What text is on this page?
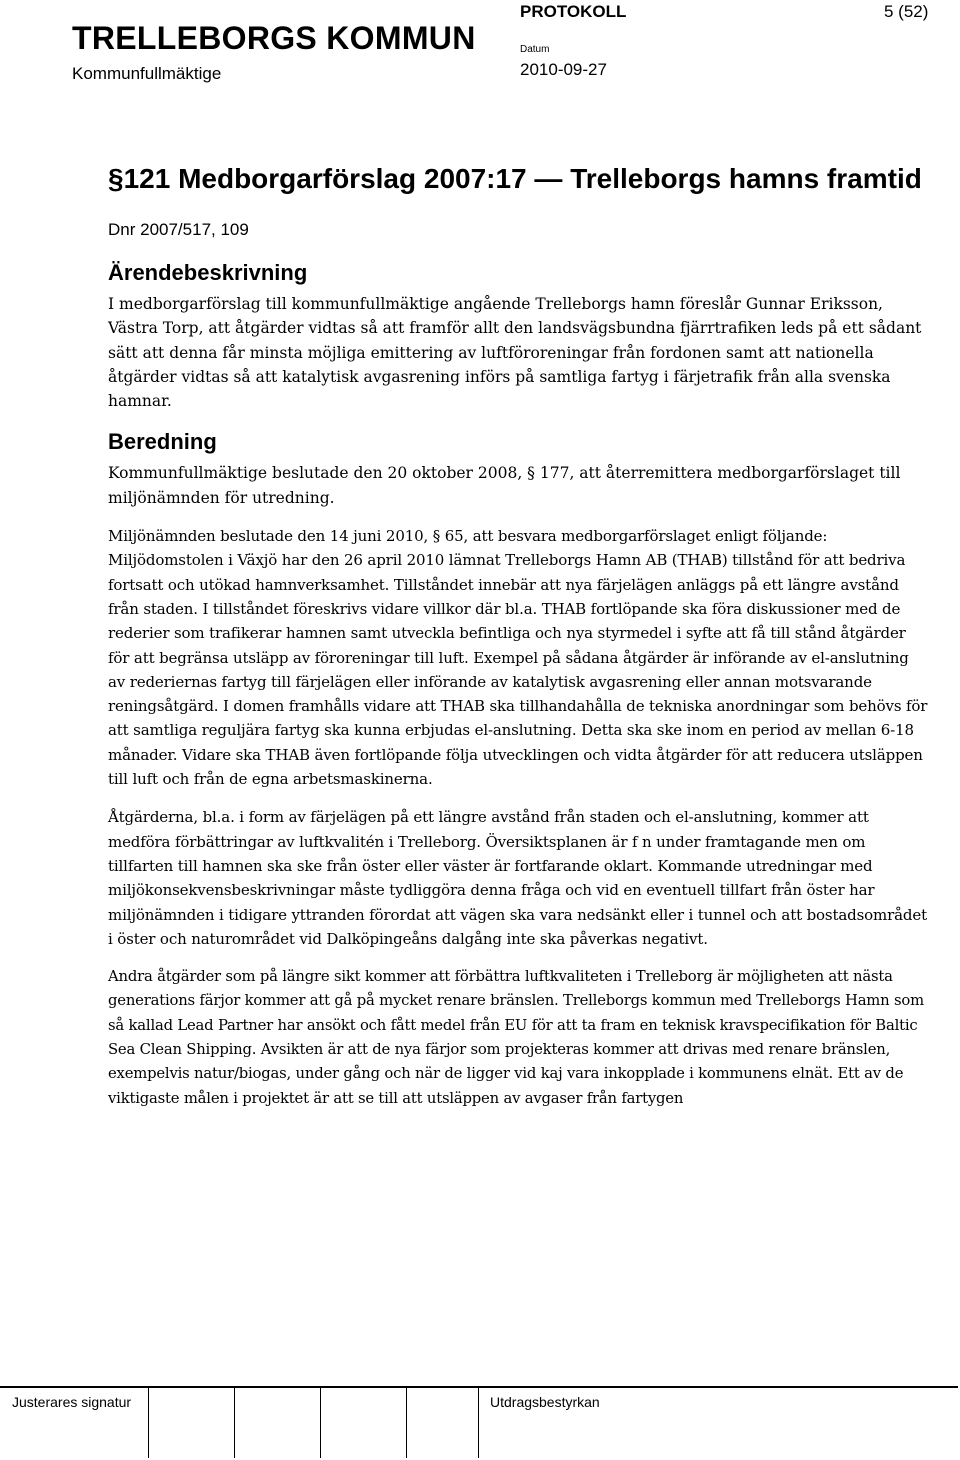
TRELLEBORGS KOMMUN
Kommunfullmäktige
PROTOKOLL
Datum
2010-09-27
5 (52)
§121 Medborgarförslag 2007:17 — Trelleborgs hamns framtid
Dnr 2007/517, 109
Ärendebeskrivning

I medborgarförslag till kommunfullmäktige angående Trelleborgs hamn föreslår Gunnar Eriksson, Västra Torp, att åtgärder vidtas så att framför allt den landsvägsbundna fjärrtrafiken leds på ett sådant sätt att denna får minsta möjliga emittering av luftföroreningar från fordonen samt att nationella åtgärder vidtas så att katalytisk avgasrening införs på samtliga fartyg i färjetrafik från alla svenska hamnar.

Beredning

Kommunfullmäktige beslutade den 20 oktober 2008, § 177, att återremittera medborgarförslaget till miljönämnden för utredning.

Miljönämnden beslutade den 14 juni 2010, § 65, att besvara medborgarförslaget enligt följande: Miljödomstolen i Växjö har den 26 april 2010 lämnat Trelleborgs Hamn AB (THAB) tillstånd för att bedriva fortsatt och utökad hamnverksamhet. Tillståndet innebär att nya färjelägen anläggs på ett längre avstånd från staden. I tillståndet föreskrivs vidare villkor där bl.a. THAB fortlöpande ska föra diskussioner med de rederier som trafikerar hamnen samt utveckla befintliga och nya styrmedel i syfte att få till stånd åtgärder för att begränsa utsläpp av föroreningar till luft. Exempel på sådana åtgärder är införande av el-anslutning av rederiernas fartyg till färjelägen eller införande av katalytisk avgasrening eller annan motsvarande reningsåtgärd. I domen framhålls vidare att THAB ska tillhandahålla de tekniska anordningar som behövs för att samtliga reguljära fartyg ska kunna erbjudas el-anslutning. Detta ska ske inom en period av mellan 6-18 månader. Vidare ska THAB även fortlöpande följa utvecklingen och vidta åtgärder för att reducera utsläppen till luft och från de egna arbetsmaskinerna.

Åtgärderna, bl.a. i form av färjelägen på ett längre avstånd från staden och el-anslutning, kommer att medföra förbättringar av luftkvalitén i Trelleborg. Översiktsplanen är f n under framtagande men om tillfarten till hamnen ska ske från öster eller väster är fortfarande oklart. Kommande utredningar med miljökonsekvensbeskrivningar måste tydliggöra denna fråga och vid en eventuell tillfart från öster har miljönämnden i tidigare yttranden förordat att vägen ska vara nedsänkt eller i tunnel och att bostadsområdet i öster och naturområdet vid Dalköpingeåns dalgång inte ska påverkas negativt.

Andra åtgärder som på längre sikt kommer att förbättra luftkvaliteten i Trelleborg är möjligheten att nästa generations färjor kommer att gå på mycket renare bränslen. Trelleborgs kommun med Trelleborgs Hamn som så kallad Lead Partner har ansökt och fått medel från EU för att ta fram en teknisk kravspecifikation för Baltic Sea Clean Shipping. Avsikten är att de nya färjor som projekteras kommer att drivas med renare bränslen, exempelvis natur/biogas, under gång och när de ligger vid kaj vara inkopplade i kommunens elnät. Ett av de viktigaste målen i projektet är att se till att utsläppen av avgaser från fartygen

Justerares signatur	Utdragsbestyrkan
